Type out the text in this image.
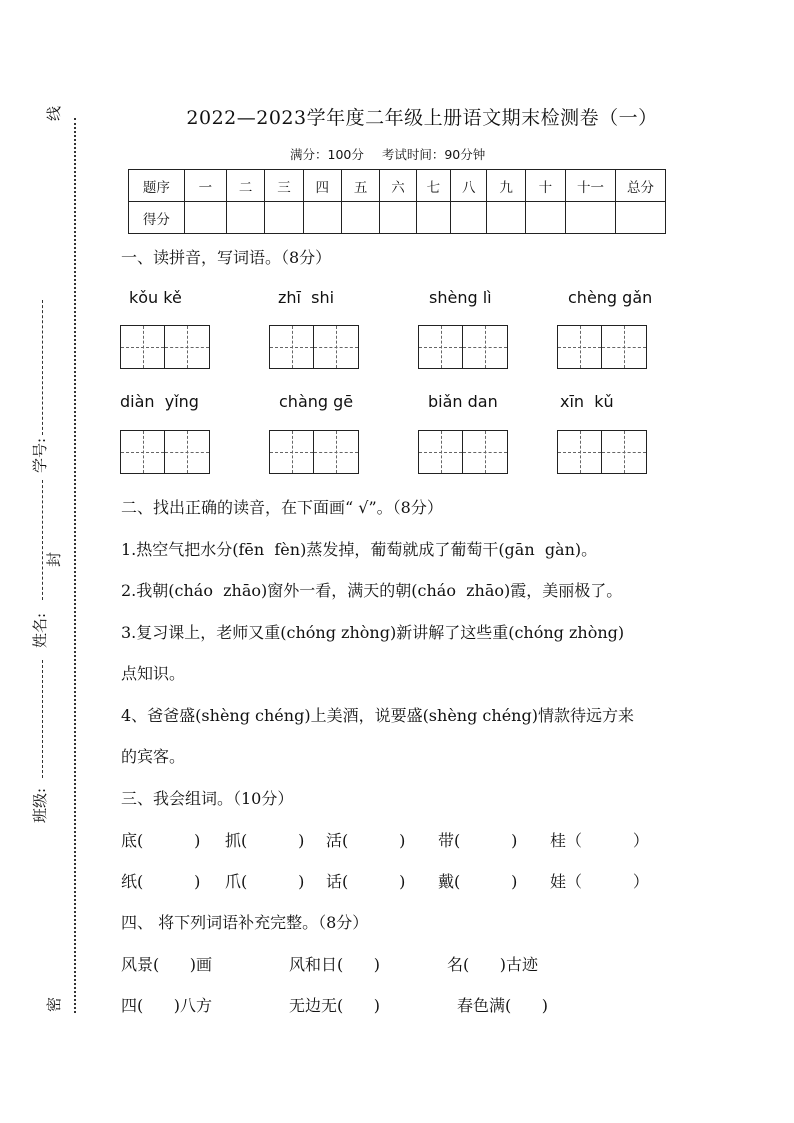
线
封
密
学号:
姓名:
班级:
2022—2023学年度二年级上册语文期末检测卷（一）
满分：100分 考试时间：90分钟
题序	一	二	三	四	五	六	七	八	九	十	十一	总分
得分												
一、读拼音，写词语。（8分）
kǒu kě	zhī  shi	shèng lì	chèng gǎn
diàn  yǐng	chàng gē	biǎn dan	xīn  kǔ
二、找出正确的读音，在下面画“ √”。（8分）
1.热空气把水分(fēn  fèn)蒸发掉，葡萄就成了葡萄干(gān  gàn)。
2.我朝(cháo  zhāo)窗外一看，满天的朝(cháo  zhāo)霞，美丽极了。
3.复习课上，老师又重(chóng zhòng)新讲解了这些重(chóng zhòng)
点知识。
4、爸爸盛(shèng chéng)上美酒，说要盛(shèng chéng)情款待远方来
的宾客。
三、我会组词。（10分）
底(          ) 抓(          ) 活(          ) 带(          ) 桂（          ）
纸(          ) 爪(          ) 话(          ) 戴(          ) 娃（          ）
四、 将下列词语补充完整。（8分）
风景(      )画	风和日(      )	名(      )古迹
四(      )八方	无边无(      )	春色满(      )
